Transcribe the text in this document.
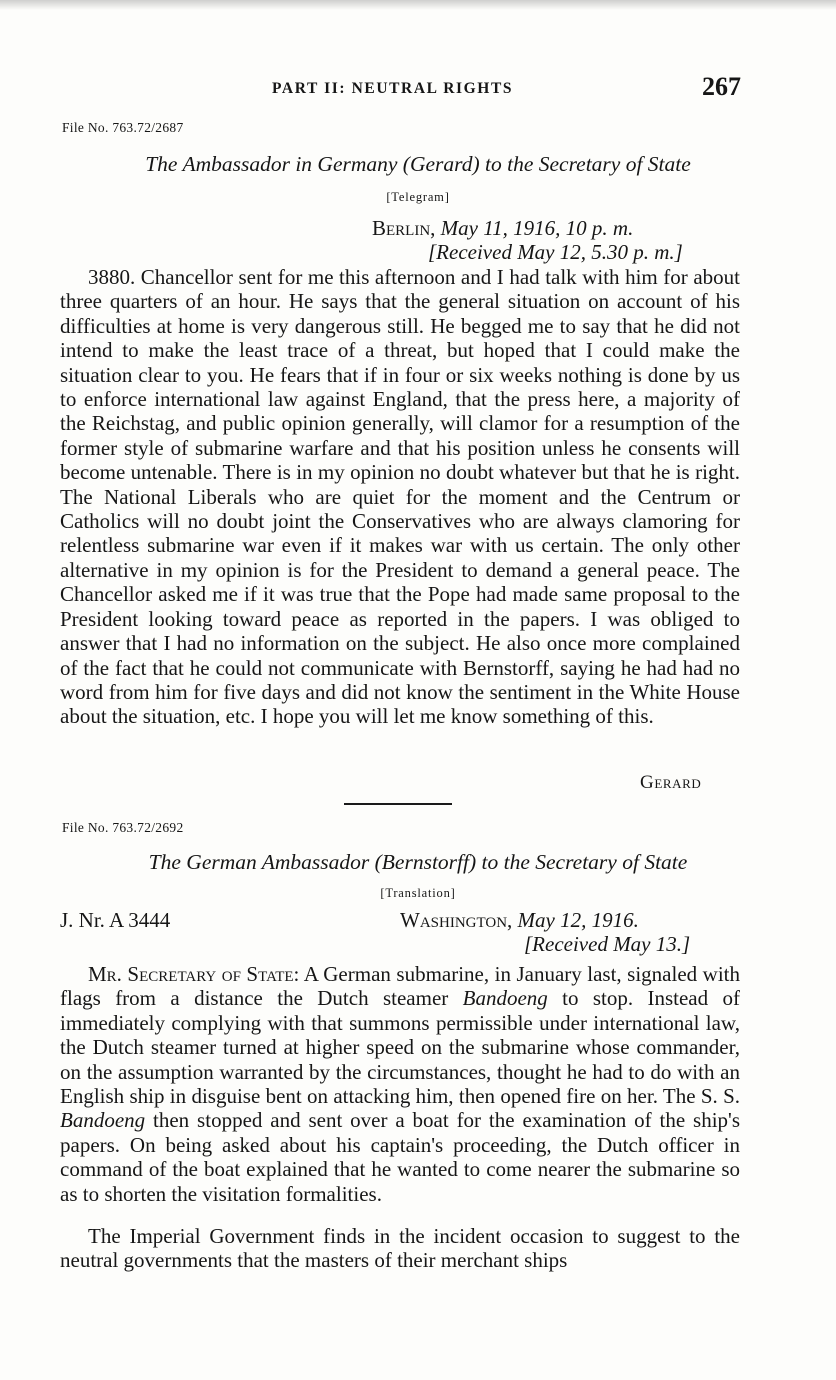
PART II: NEUTRAL RIGHTS	267
File No. 763.72/2687
The Ambassador in Germany (Gerard) to the Secretary of State
[Telegram]
Berlin, May 11, 1916, 10 p. m.
[Received May 12, 5.30 p. m.]

3880. Chancellor sent for me this afternoon and I had talk with him for about three quarters of an hour. He says that the general situation on account of his difficulties at home is very dangerous still. He begged me to say that he did not intend to make the least trace of a threat, but hoped that I could make the situation clear to you. He fears that if in four or six weeks nothing is done by us to enforce international law against England, that the press here, a majority of the Reichstag, and public opinion generally, will clamor for a resumption of the former style of submarine warfare and that his position unless he consents will become untenable. There is in my opinion no doubt whatever but that he is right. The National Liberals who are quiet for the moment and the Centrum or Catholics will no doubt joint the Conservatives who are always clamoring for relentless submarine war even if it makes war with us certain. The only other alternative in my opinion is for the President to demand a general peace. The Chancellor asked me if it was true that the Pope had made same proposal to the President looking toward peace as reported in the papers. I was obliged to answer that I had no information on the subject. He also once more complained of the fact that he could not communicate with Bernstorff, saying he had had no word from him for five days and did not know the sentiment in the White House about the situation, etc. I hope you will let me know something of this.

Gerard
File No. 763.72/2692
The German Ambassador (Bernstorff) to the Secretary of State
[Translation]
J. Nr. A 3444	Washington, May 12, 1916.
[Received May 13.]

Mr. Secretary of State: A German submarine, in January last, signaled with flags from a distance the Dutch steamer Bandoeng to stop. Instead of immediately complying with that summons permissible under international law, the Dutch steamer turned at higher speed on the submarine whose commander, on the assumption warranted by the circumstances, thought he had to do with an English ship in disguise bent on attacking him, then opened fire on her. The S. S. Bandoeng then stopped and sent over a boat for the examination of the ship's papers. On being asked about his captain's proceeding, the Dutch officer in command of the boat explained that he wanted to come nearer the submarine so as to shorten the visitation formalities.

The Imperial Government finds in the incident occasion to suggest to the neutral governments that the masters of their merchant ships
